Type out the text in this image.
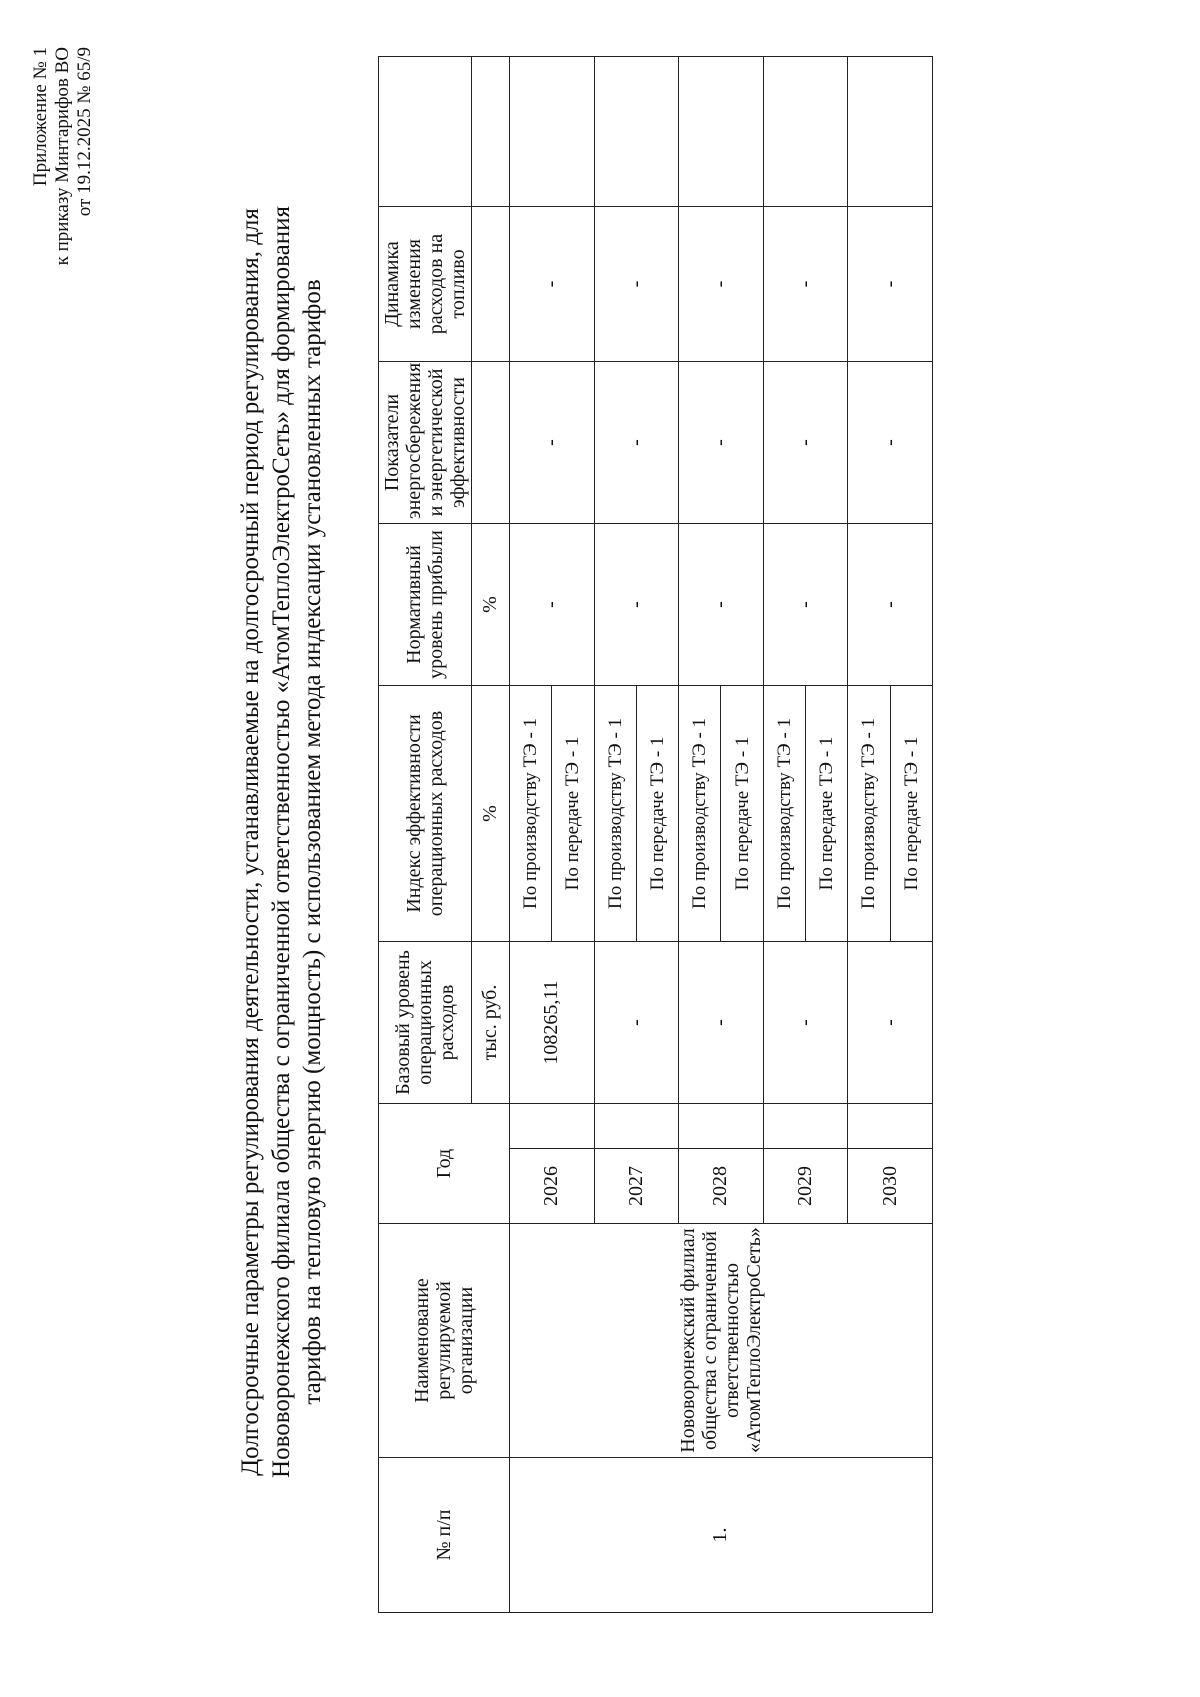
Приложение № 1 к приказу Минтарифов ВО от 19.12.2025 № 65/9
Долгосрочные параметры регулирования деятельности, устанавливаемые на долгосрочный период регулирования, для Нововоронежского филиала общества с ограниченной ответственностью «АтомТеплоЭлектроСеть» для формирования тарифов на тепловую энергию (мощность) с использованием метода индексации установленных тарифов
№ п/п	Наименование регулируемой организации	Год		Базовый уровень операционных расходов	Индекс эффективности операционных расходов	Нормативный уровень прибыли	Показатели энергосбережения и энергетической эффективности	Динамика изменения расходов на топливо	
				тыс. руб.	%	%			
1.	Нововоронежский филиал общества с ограниченной ответственностью «АтомТеплоЭлектроСеть»	2026		108265,11	По производству ТЭ - 1	-	-	-	
					По передаче ТЭ - 1				
		2027		-	По производству ТЭ - 1	-	-	-	
					По передаче ТЭ - 1				
		2028		-	По производству ТЭ - 1	-	-	-	
					По передаче ТЭ - 1				
		2029		-	По производству ТЭ - 1	-	-	-	
					По передаче ТЭ - 1				
		2030		-	По производству ТЭ - 1	-	-	-	
					По передаче ТЭ - 1				
